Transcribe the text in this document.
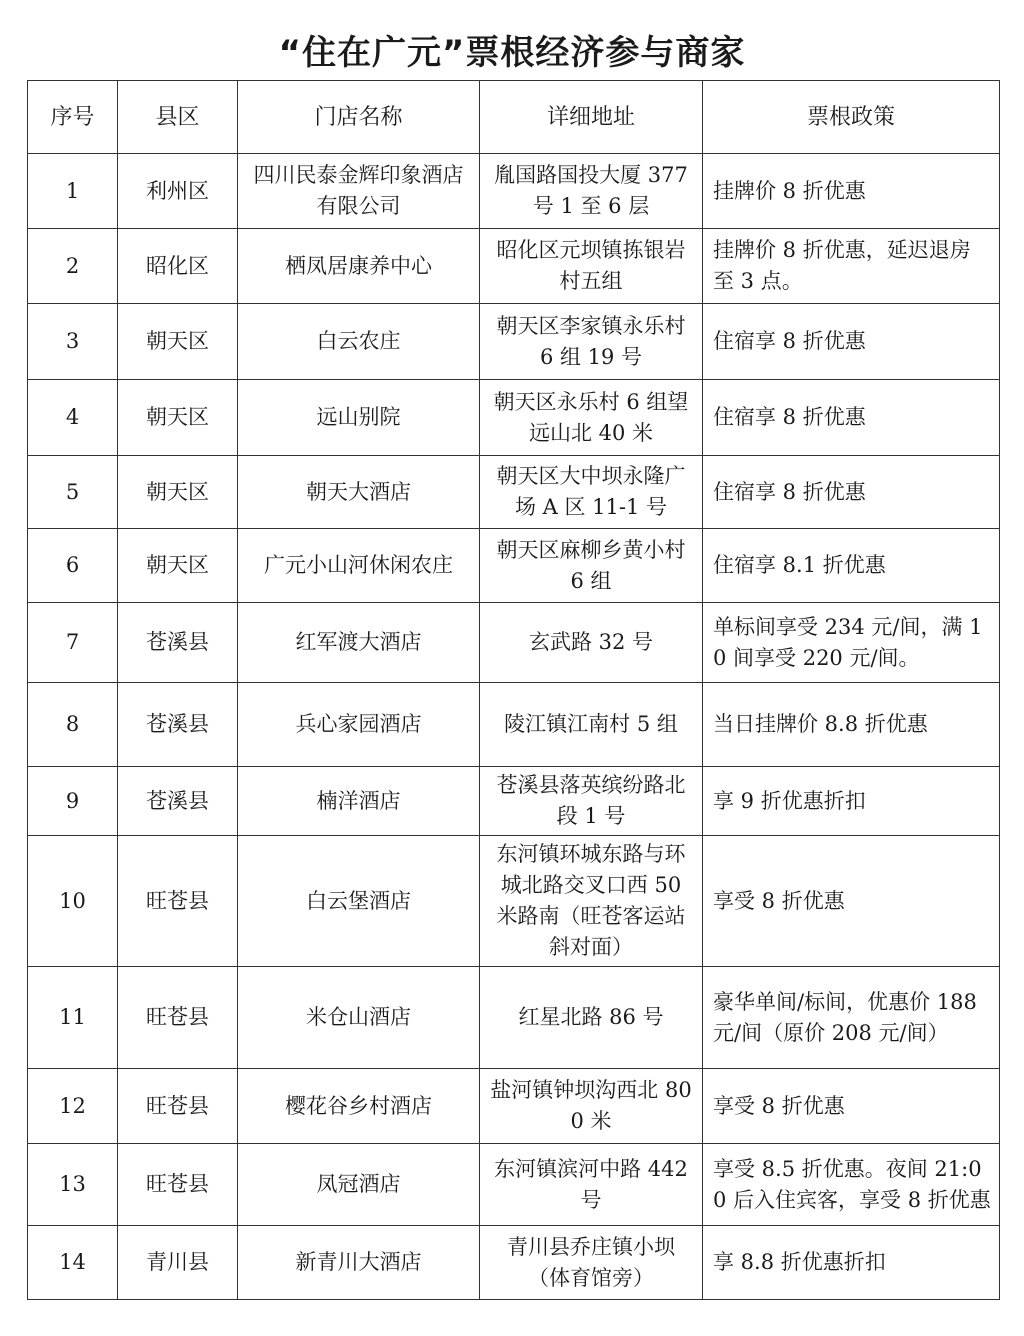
“住在广元”票根经济参与商家
序号	县区	门店名称	详细地址	票根政策
1	利州区	四川民泰金辉印象酒店有限公司	胤国路国投大厦 377 号 1 至 6 层	挂牌价 8 折优惠
2	昭化区	栖凤居康养中心	昭化区元坝镇拣银岩村五组	挂牌价 8 折优惠，延迟退房至 3 点。
3	朝天区	白云农庄	朝天区李家镇永乐村 6 组 19 号	住宿享 8 折优惠
4	朝天区	远山别院	朝天区永乐村 6 组望远山北 40 米	住宿享 8 折优惠
5	朝天区	朝天大酒店	朝天区大中坝永隆广场 A 区 11-1 号	住宿享 8 折优惠
6	朝天区	广元小山河休闲农庄	朝天区麻柳乡黄小村 6 组	住宿享 8.1 折优惠
7	苍溪县	红军渡大酒店	玄武路 32 号	单标间享受 234 元/间，满 10 间享受 220 元/间。
8	苍溪县	兵心家园酒店	陵江镇江南村 5 组	当日挂牌价 8.8 折优惠
9	苍溪县	楠洋酒店	苍溪县落英缤纷路北段 1 号	享 9 折优惠折扣
10	旺苍县	白云堡酒店	东河镇环城东路与环城北路交叉口西 50 米路南（旺苍客运站斜对面）	享受 8 折优惠
11	旺苍县	米仓山酒店	红星北路 86 号	豪华单间/标间，优惠价 188 元/间（原价 208 元/间）
12	旺苍县	樱花谷乡村酒店	盐河镇钟坝沟西北 800 米	享受 8 折优惠
13	旺苍县	凤冠酒店	东河镇滨河中路 442 号	享受 8.5 折优惠。夜间 21:00 后入住宾客，享受 8 折优惠
14	青川县	新青川大酒店	青川县乔庄镇小坝（体育馆旁）	享 8.8 折优惠折扣
